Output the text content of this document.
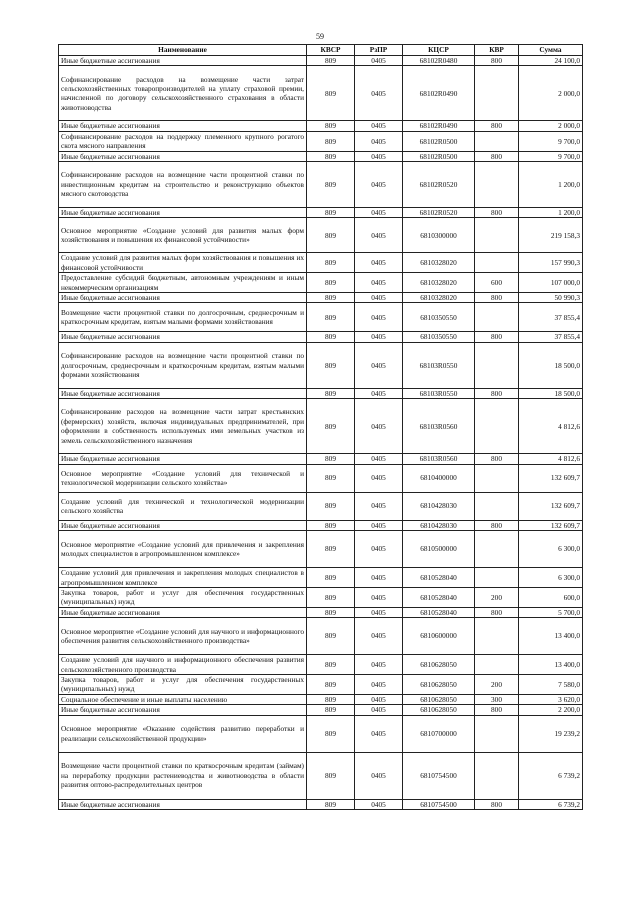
59
Наименование	КВСР	РзПР	КЦСР	КВР	Сумма
Иные бюджетные ассигнования	809	0405	68102R0480	800	24 100,0
Софинансирование расходов на возмещение части затрат сельскохозяйственных товаропроизводителей на уплату страховой премии, начисленной по договору сельскохозяйственного страхования в области животноводства	809	0405	68102R0490		2 000,0
Иные бюджетные ассигнования	809	0405	68102R0490	800	2 000,0
Софинансирование расходов на поддержку племенного крупного рогатого скота мясного направления	809	0405	68102R0500		9 700,0
Иные бюджетные ассигнования	809	0405	68102R0500	800	9 700,0
Софинансирование расходов на возмещение части процентной ставки по инвестиционным кредитам на строительство и реконструкцию объектов мясного скотоводства	809	0405	68102R0520		1 200,0
Иные бюджетные ассигнования	809	0405	68102R0520	800	1 200,0
Основное мероприятие «Создание условий для развития малых форм хозяйствования и повышения их финансовой устойчивости»	809	0405	6810300000		219 158,3
Создание условий для развития малых форм хозяйствования и повышения их финансовой устойчивости	809	0405	6810328020		157 990,3
Предоставление субсидий бюджетным, автономным учреждениям и иным некоммерческим организациям	809	0405	6810328020	600	107 000,0
Иные бюджетные ассигнования	809	0405	6810328020	800	50 990,3
Возмещение части процентной ставки по долгосрочным, среднесрочным и краткосрочным кредитам, взятым малыми формами хозяйствования	809	0405	6810350550		37 855,4
Иные бюджетные ассигнования	809	0405	6810350550	800	37 855,4
Софинансирование расходов на возмещение части процентной ставки по долгосрочным, среднесрочным и краткосрочным кредитам, взятым малыми формами хозяйствования	809	0405	68103R0550		18 500,0
Иные бюджетные ассигнования	809	0405	68103R0550	800	18 500,0
Софинансирование расходов на возмещение части затрат крестьянских (фермерских) хозяйств, включая индивидуальных предпринимателей, при оформлении в собственность используемых ими земельных участков из земель сельскохозяйственного назначения	809	0405	68103R0560		4 812,6
Иные бюджетные ассигнования	809	0405	68103R0560	800	4 812,6
Основное мероприятие «Создание условий для технической и технологической модернизации сельского хозяйства»	809	0405	6810400000		132 609,7
Создание условий для технической и технологической модернизации сельского хозяйства	809	0405	6810428030		132 609,7
Иные бюджетные ассигнования	809	0405	6810428030	800	132 609,7
Основное мероприятие «Создание условий для привлечения и закрепления молодых специалистов в агропромышленном комплексе»	809	0405	6810500000		6 300,0
Создание условий для привлечения и закрепления молодых специалистов в агропромышленном комплексе	809	0405	6810528040		6 300,0
Закупка товаров, работ и услуг для обеспечения государственных (муниципальных) нужд	809	0405	6810528040	200	600,0
Иные бюджетные ассигнования	809	0405	6810528040	800	5 700,0
Основное мероприятие «Создание условий для научного и информационного обеспечения развития сельскохозяйственного производства»	809	0405	6810600000		13 400,0
Создание условий для научного и информационного обеспечения развития сельскохозяйственного производства	809	0405	6810628050		13 400,0
Закупка товаров, работ и услуг для обеспечения государственных (муниципальных) нужд	809	0405	6810628050	200	7 580,0
Социальное обеспечение и иные выплаты населению	809	0405	6810628050	300	3 620,0
Иные бюджетные ассигнования	809	0405	6810628050	800	2 200,0
Основное мероприятие «Оказание содействия развитию переработки и реализации сельскохозяйственной продукции»	809	0405	6810700000		19 239,2
Возмещение части процентной ставки по краткосрочным кредитам (займам) на переработку продукции растениеводства и животноводства в области развития оптово-распределительных центров	809	0405	6810754500		6 739,2
Иные бюджетные ассигнования	809	0405	6810754500	800	6 739,2
